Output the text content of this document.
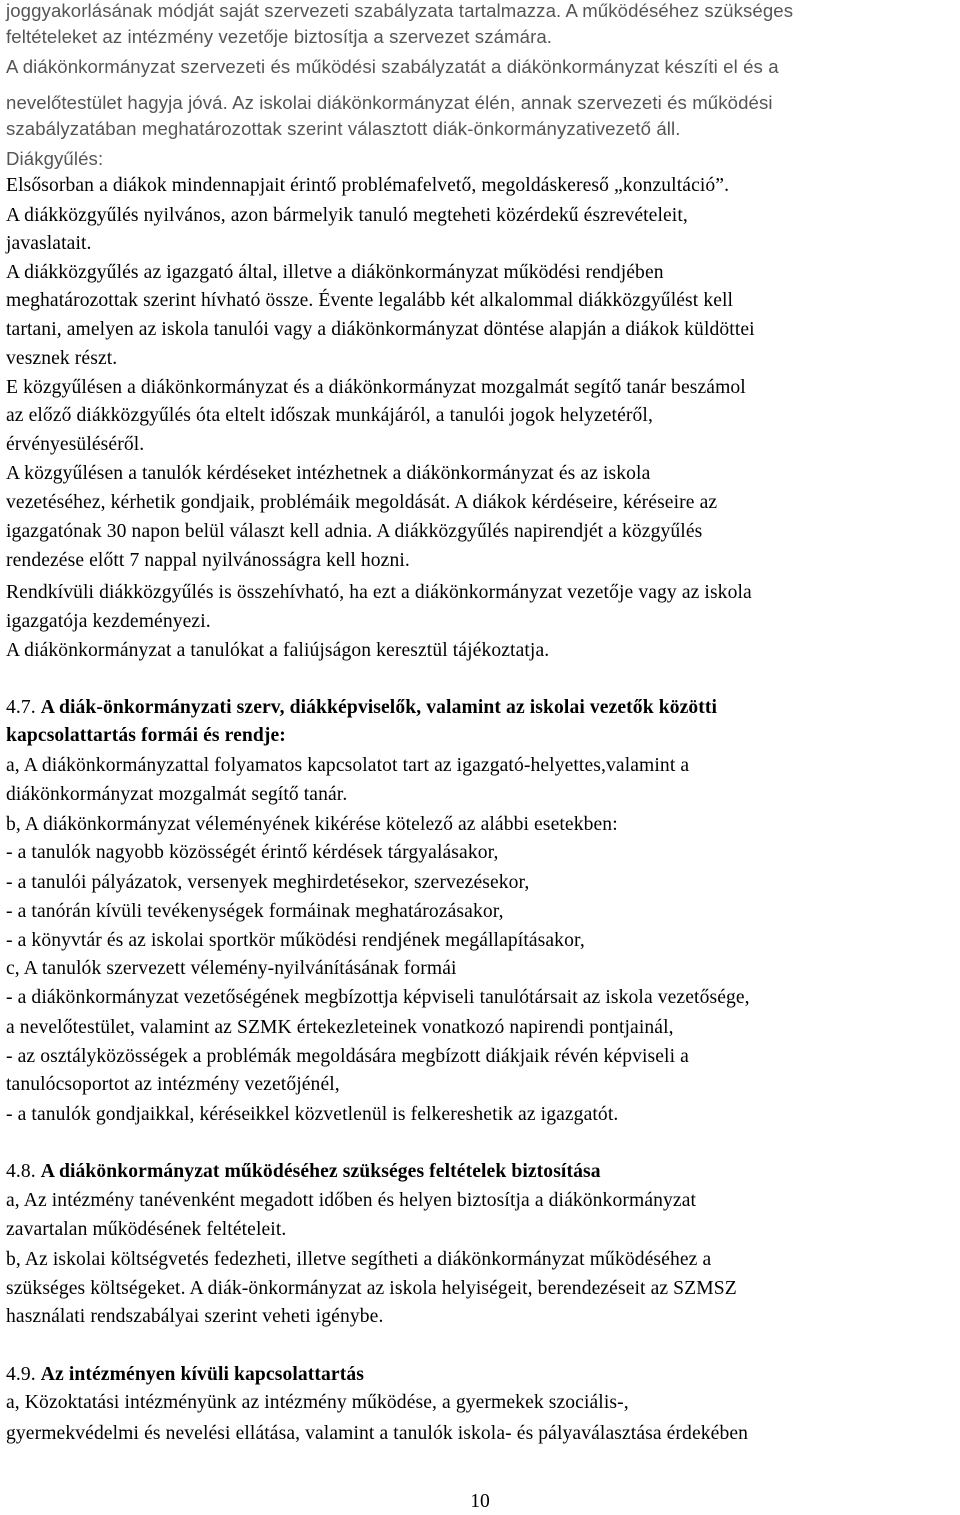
joggyakorlásának módját saját szervezeti szabályzata tartalmazza. A működéséhez szükséges
feltételeket az intézmény vezetője biztosítja a szervezet számára.
A diákönkormányzat szervezeti és működési szabályzatát a diákönkormányzat készíti el és a
nevelőtestület hagyja jóvá. Az iskolai diákönkormányzat élén, annak szervezeti és működési
szabályzatában meghatározottak szerint választott diák-önkormányzativezető áll.
Diákgyűlés:
Elsősorban a diákok mindennapjait érintő problémafelvető, megoldáskereső „konzultáció”.
A diákközgyűlés nyilvános, azon bármelyik tanuló megteheti közérdekű észrevételeit,
javaslatait.
A diákközgyűlés az igazgató által, illetve a diákönkormányzat működési rendjében
meghatározottak szerint hívható össze. Évente legalább két alkalommal diákközgyűlést kell
tartani, amelyen az iskola tanulói vagy a diákönkormányzat döntése alapján a diákok küldöttei
vesznek részt.
E közgyűlésen a diákönkormányzat és a diákönkormányzat mozgalmát segítő tanár beszámol
az előző diákközgyűlés óta eltelt időszak munkájáról, a tanulói jogok helyzetéről,
érvényesüléséről.
A közgyűlésen a tanulók kérdéseket intézhetnek a diákönkormányzat és az iskola
vezetéséhez, kérhetik gondjaik, problémáik megoldását. A diákok kérdéseire, kéréseire az
igazgatónak 30 napon belül választ kell adnia. A diákközgyűlés napirendjét a közgyűlés
rendezése előtt 7 nappal nyilvánosságra kell hozni.
Rendkívüli diákközgyűlés is összehívható, ha ezt a diákönkormányzat vezetője vagy az iskola
igazgatója kezdeményezi.
A diákönkormányzat a tanulókat a faliújságon keresztül tájékoztatja.
4.7. A diák-önkormányzati szerv, diákképviselők, valamint az iskolai vezetők közötti
kapcsolattartás formái és rendje:
a, A diákönkormányzattal folyamatos kapcsolatot tart az igazgató-helyettes,valamint a
diákönkormányzat mozgalmát segítő tanár.
b, A diákönkormányzat véleményének kikérése kötelező az alábbi esetekben:
- a tanulók nagyobb közösségét érintő kérdések tárgyalásakor,
- a tanulói pályázatok, versenyek meghirdetésekor, szervezésekor,
- a tanórán kívüli tevékenységek formáinak meghatározásakor,
- a könyvtár és az iskolai sportkör működési rendjének megállapításakor,
c, A tanulók szervezett vélemény-nyilvánításának formái
- a diákönkormányzat vezetőségének megbízottja képviseli tanulótársait az iskola vezetősége,
a nevelőtestület, valamint az SZMK értekezleteinek vonatkozó napirendi pontjainál,
- az osztályközösségek a problémák megoldására megbízott diákjaik révén képviseli a
tanulócsoportot az intézmény vezetőjénél,
- a tanulók gondjaikkal, kéréseikkel közvetlenül is felkereshetik az igazgatót.
4.8. A diákönkormányzat működéséhez szükséges feltételek biztosítása
a, Az intézmény tanévenként megadott időben és helyen biztosítja a diákönkormányzat
zavartalan működésének feltételeit.
b, Az iskolai költségvetés fedezheti, illetve segítheti a diákönkormányzat működéséhez a
szükséges költségeket. A diák-önkormányzat az iskola helyiségeit, berendezéseit az SZMSZ
használati rendszabályai szerint veheti igénybe.
4.9. Az intézményen kívüli kapcsolattartás
a, Közoktatási intézményünk az intézmény működése, a gyermekek szociális-,
gyermekvédelmi és nevelési ellátása, valamint a tanulók iskola- és pályaválasztása érdekében
10
